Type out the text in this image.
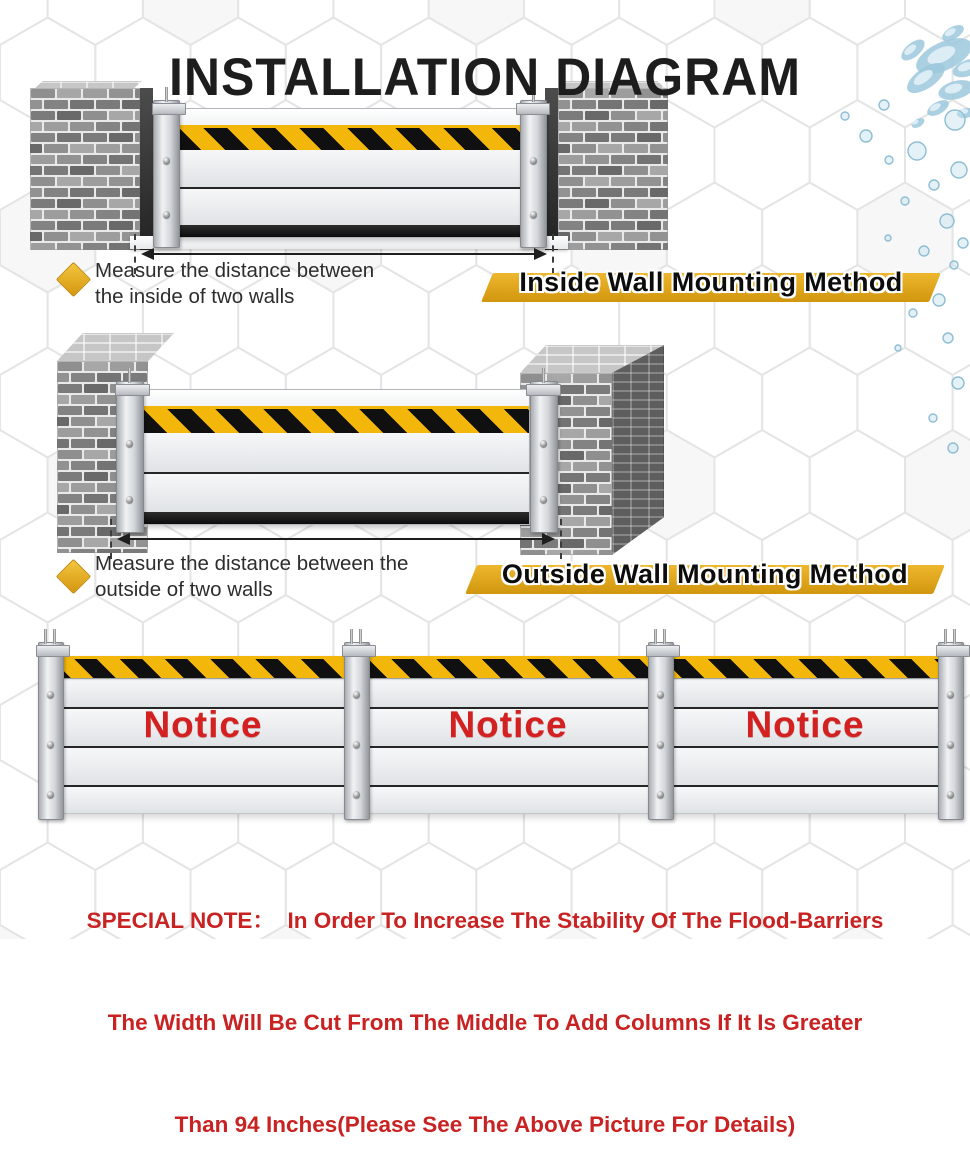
INSTALLATION DIAGRAM
Measure the distance between
the inside of two walls	Inside Wall Mounting Method
Measure the distance between the
outside of two walls
Outside Wall Mounting Method
Notice	Notice	Notice

SPECIAL NOTE：  In Order To Increase The Stability Of The Flood-Barriers

The Width Will Be Cut From The Middle To Add Columns If It Is Greater

Than 94 Inches(Please See The Above Picture For Details)
